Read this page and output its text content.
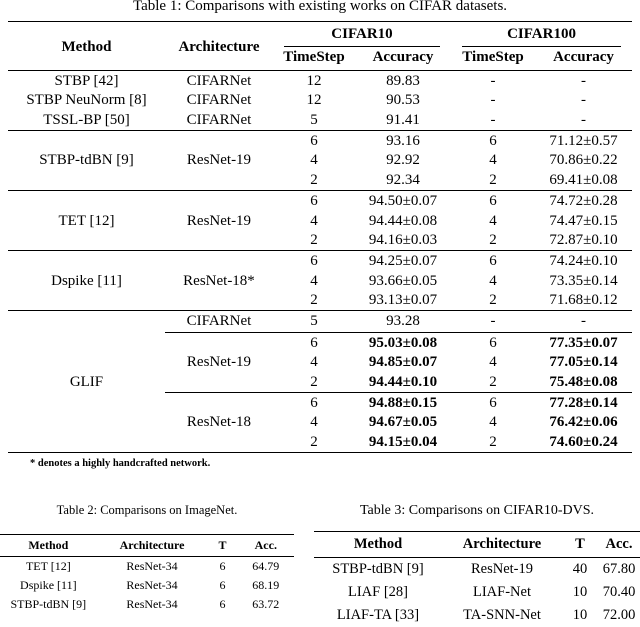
Table 1: Comparisons with existing works on CIFAR datasets.
Method	Architecture	CIFAR10		CIFAR100	

		TimeStep	Accuracy	TimeStep	Accuracy
STBP [42]	CIFARNet	12	89.83	-	-
STBP NeuNorm [8]	CIFARNet	12	90.53	-	-
TSSL-BP [50]	CIFARNet	5	91.41	-	-
STBP-tdBN [9]	ResNet-19	6	93.16	6	71.12±0.57
		4	92.92	4	70.86±0.22
		2	92.34	2	69.41±0.08
TET [12]	ResNet-19	6	94.50±0.07	6	74.72±0.28
		4	94.44±0.08	4	74.47±0.15
		2	94.16±0.03	2	72.87±0.10
Dspike [11]	ResNet-18*	6	94.25±0.07	6	74.24±0.10
		4	93.66±0.05	4	73.35±0.14
		2	93.13±0.07	2	71.68±0.12
GLIF	CIFARNet	5	93.28	-	-
	ResNet-19	6	95.03±0.08	6	77.35±0.07
		4	94.85±0.07	4	77.05±0.14
		2	94.44±0.10	2	75.48±0.08
	ResNet-18	6	94.88±0.15	6	77.28±0.14
		4	94.67±0.05	4	76.42±0.06
		2	94.15±0.04	2	74.60±0.24
* denotes a highly handcrafted network.
Table 2: Comparisons on ImageNet.
Method	Architecture	T	Acc.
TET [12]	ResNet-34	6	64.79
Dspike [11]	ResNet-34	6	68.19
STBP-tdBN [9]	ResNet-34	6	63.72
Table 3: Comparisons on CIFAR10-DVS.
Method	Architecture	T	Acc.
STBP-tdBN [9]	ResNet-19	40	67.80
LIAF [28]	LIAF-Net	10	70.40
LIAF-TA [33]	TA-SNN-Net	10	72.00
